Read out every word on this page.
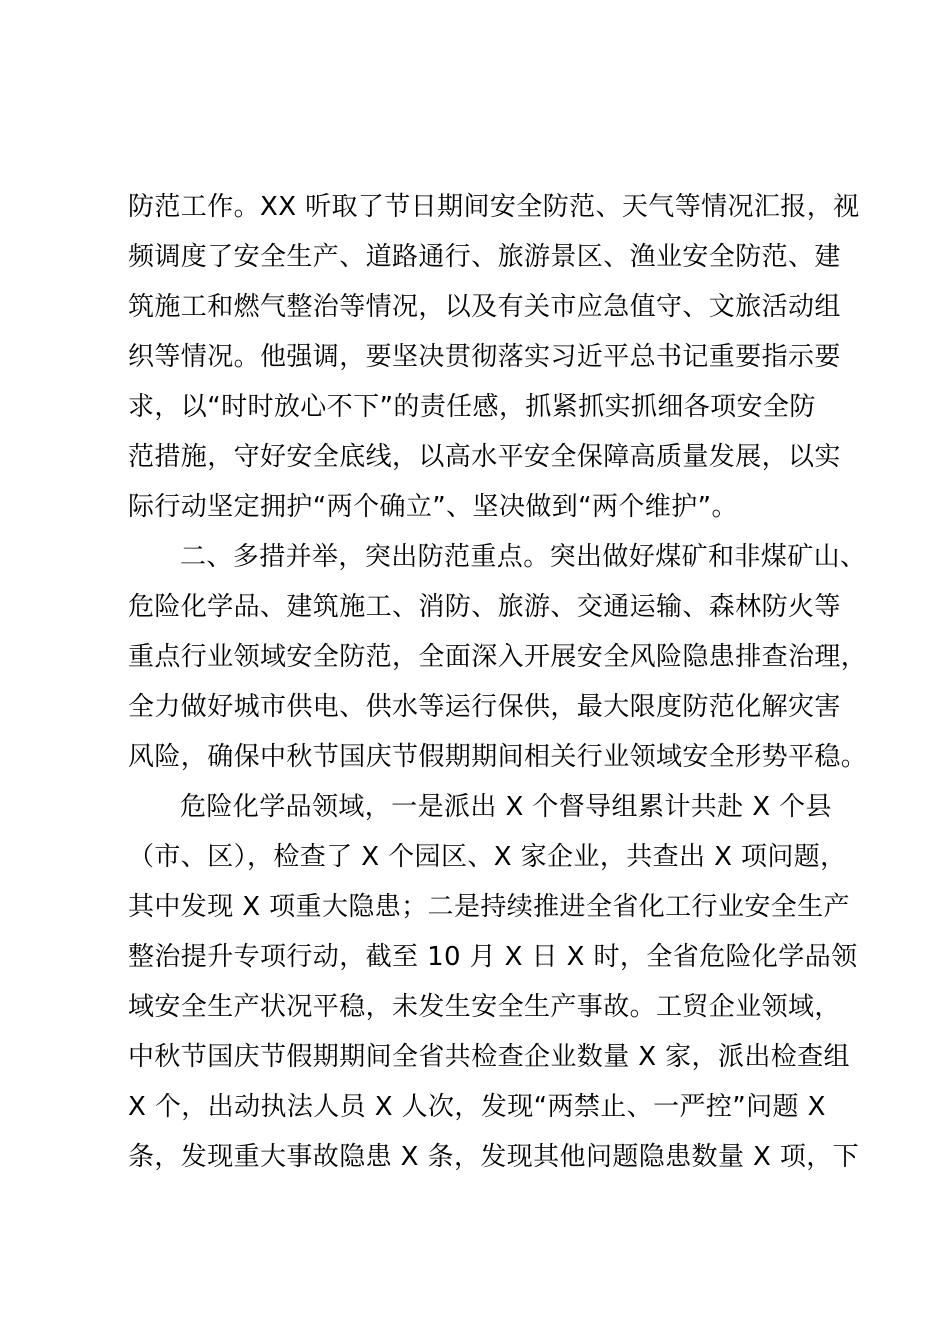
防范工作。XX 听取了节日期间安全防范、天气等情况汇报，视
频调度了安全生产、道路通行、旅游景区、渔业安全防范、建
筑施工和燃气整治等情况，以及有关市应急值守、文旅活动组
织等情况。他强调，要坚决贯彻落实习近平总书记重要指示要
求，以“时时放心不下”的责任感，抓紧抓实抓细各项安全防
范措施，守好安全底线，以高水平安全保障高质量发展，以实
际行动坚定拥护“两个确立”、坚决做到“两个维护”。
二、多措并举，突出防范重点。突出做好煤矿和非煤矿山、
危险化学品、建筑施工、消防、旅游、交通运输、森林防火等
重点行业领域安全防范，全面深入开展安全风险隐患排查治理，
全力做好城市供电、供水等运行保供，最大限度防范化解灾害
风险，确保中秋节国庆节假期期间相关行业领域安全形势平稳。
危险化学品领域，一是派出 X 个督导组累计共赴 X 个县
（市、区），检查了 X 个园区、X 家企业，共查出 X 项问题，
其中发现 X 项重大隐患；二是持续推进全省化工行业安全生产
整治提升专项行动，截至 10 月 X 日 X 时，全省危险化学品领
域安全生产状况平稳，未发生安全生产事故。工贸企业领域，
中秋节国庆节假期期间全省共检查企业数量 X 家，派出检查组
X 个，出动执法人员 X 人次，发现“两禁止、一严控”问题 X
条，发现重大事故隐患 X 条，发现其他问题隐患数量 X 项，下
